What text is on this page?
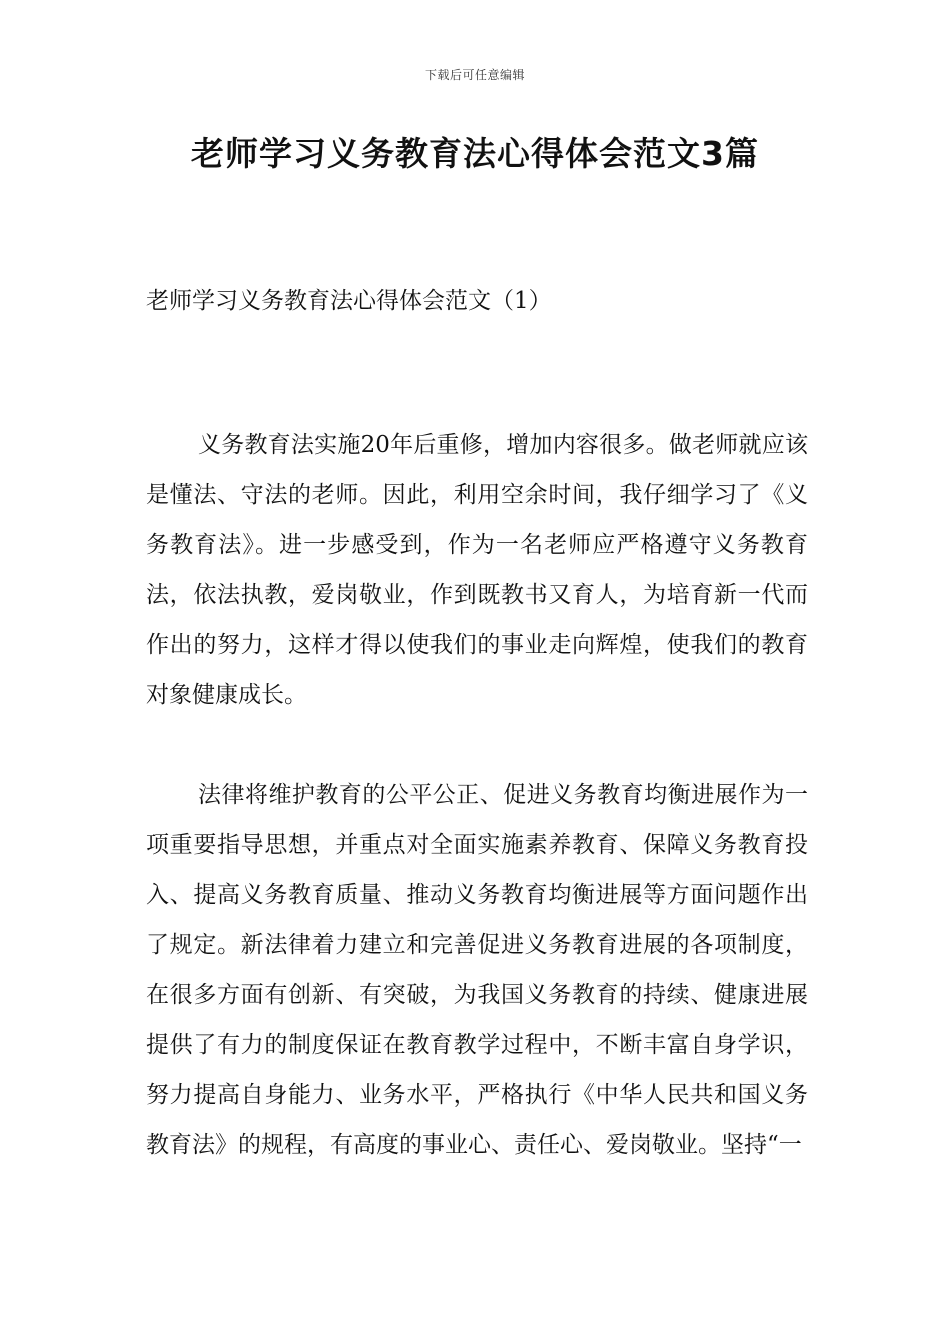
下载后可任意编辑
老师学习义务教育法心得体会范文3篇
老师学习义务教育法心得体会范文（1）

义务教育法实施20年后重修，增加内容很多。做老师就应该是懂法、守法的老师。因此，利用空余时间，我仔细学习了《义务教育法》。进一步感受到，作为一名老师应严格遵守义务教育法，依法执教，爱岗敬业，作到既教书又育人，为培育新一代而作出的努力，这样才得以使我们的事业走向辉煌，使我们的教育对象健康成长。

法律将维护教育的公平公正、促进义务教育均衡进展作为一项重要指导思想，并重点对全面实施素养教育、保障义务教育投入、提高义务教育质量、推动义务教育均衡进展等方面问题作出了规定。新法律着力建立和完善促进义务教育进展的各项制度，在很多方面有创新、有突破，为我国义务教育的持续、健康进展提供了有力的制度保证在教育教学过程中，不断丰富自身学识，努力提高自身能力、业务水平，严格执行《中华人民共和国义务教育法》的规程，有高度的事业心、责任心、爱岗敬业。坚持“一
